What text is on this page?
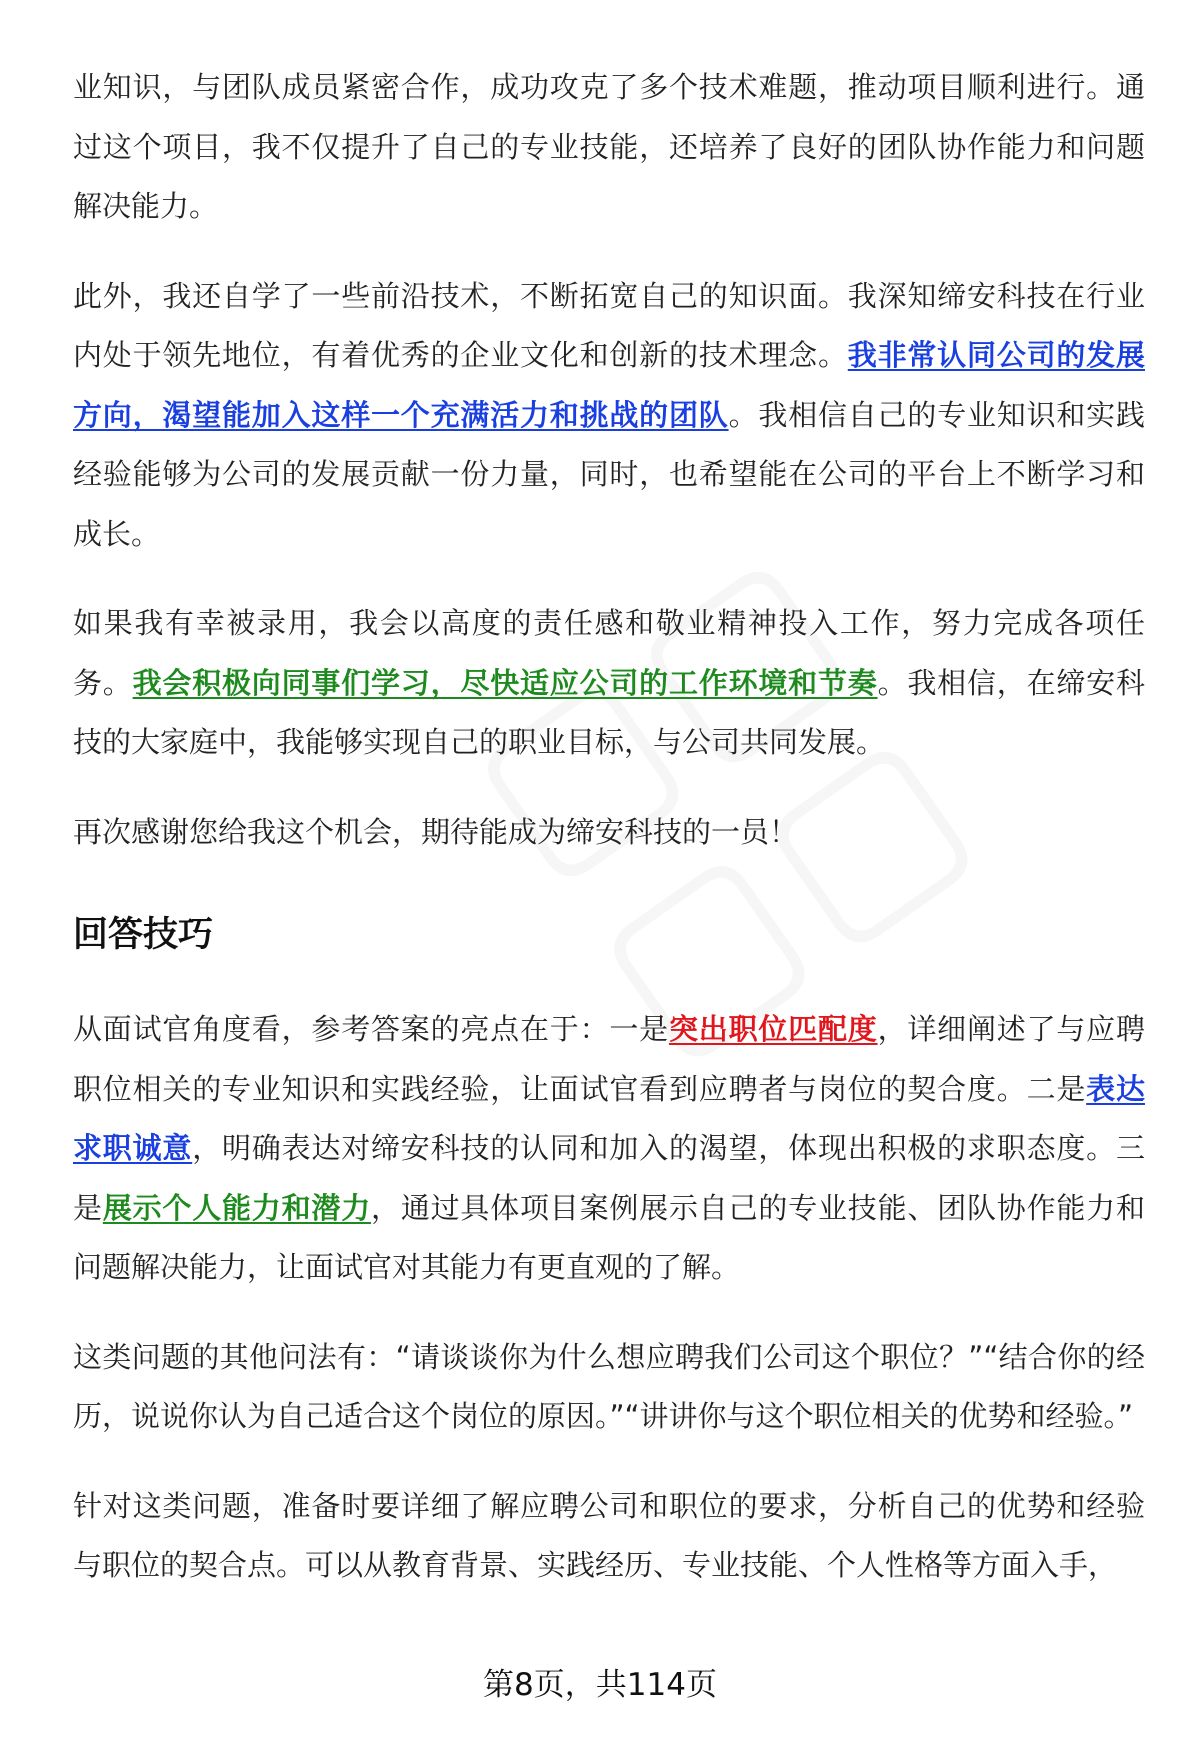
业知识，与团队成员紧密合作，成功攻克了多个技术难题，推动项目顺利进行。通过这个项目，我不仅提升了自己的专业技能，还培养了良好的团队协作能力和问题解决能力。

此外，我还自学了一些前沿技术，不断拓宽自己的知识面。我深知缔安科技在行业内处于领先地位，有着优秀的企业文化和创新的技术理念。我非常认同公司的发展方向，渴望能加入这样一个充满活力和挑战的团队。我相信自己的专业知识和实践经验能够为公司的发展贡献一份力量，同时，也希望能在公司的平台上不断学习和成长。

如果我有幸被录用，我会以高度的责任感和敬业精神投入工作，努力完成各项任务。我会积极向同事们学习，尽快适应公司的工作环境和节奏。我相信，在缔安科技的大家庭中，我能够实现自己的职业目标，与公司共同发展。

再次感谢您给我这个机会，期待能成为缔安科技的一员！

回答技巧

从面试官角度看，参考答案的亮点在于：一是突出职位匹配度，详细阐述了与应聘职位相关的专业知识和实践经验，让面试官看到应聘者与岗位的契合度。二是表达求职诚意，明确表达对缔安科技的认同和加入的渴望，体现出积极的求职态度。三是展示个人能力和潜力，通过具体项目案例展示自己的专业技能、团队协作能力和问题解决能力，让面试官对其能力有更直观的了解。

这类问题的其他问法有：“请谈谈你为什么想应聘我们公司这个职位？”“结合你的经历，说说你认为自己适合这个岗位的原因。”“讲讲你与这个职位相关的优势和经验。”

针对这类问题，准备时要详细了解应聘公司和职位的要求，分析自己的优势和经验与职位的契合点。可以从教育背景、实践经历、专业技能、个人性格等方面入手，

第8页，共114页
